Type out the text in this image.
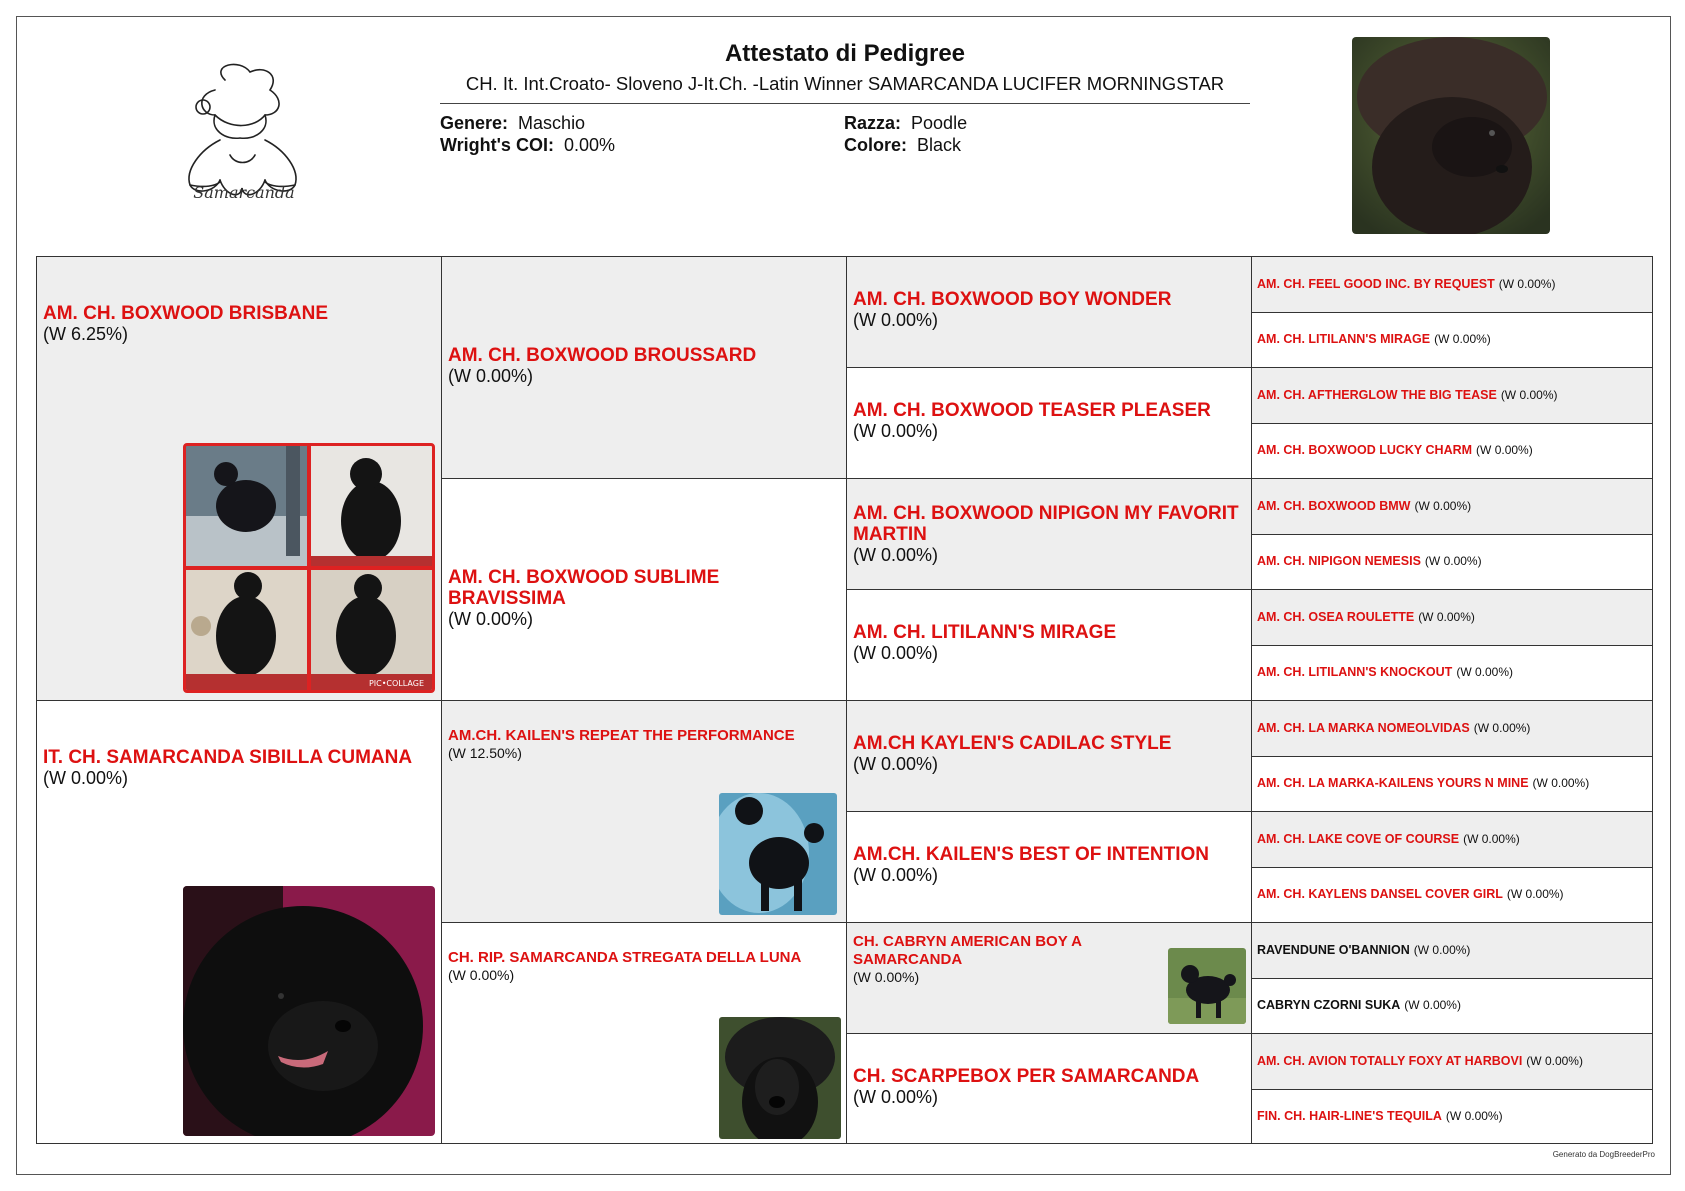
Samarcanda
Attestato di Pedigree
CH. It. Int.Croato- Sloveno J-It.Ch. -Latin Winner SAMARCANDA LUCIFER MORNINGSTAR
Genere: Maschio
Wright's COI: 0.00%
Razza: Poodle
Colore: Black
AM. CH. BOXWOOD BRISBANE
(W 6.25%)
PIC•COLLAGE
IT. CH. SAMARCANDA SIBILLA CUMANA
(W 0.00%)
AM. CH. BOXWOOD BROUSSARD
(W 0.00%)
AM. CH. BOXWOOD SUBLIME BRAVISSIMA
(W 0.00%)
AM.CH. KAILEN'S REPEAT THE PERFORMANCE
(W 12.50%)
CH. RIP. SAMARCANDA STREGATA DELLA LUNA
(W 0.00%)
AM. CH. BOXWOOD BOY WONDER
(W 0.00%)
AM. CH. BOXWOOD TEASER PLEASER
(W 0.00%)
AM. CH. BOXWOOD NIPIGON MY FAVORIT MARTIN
(W 0.00%)
AM. CH. LITILANN'S MIRAGE
(W 0.00%)
AM.CH KAYLEN'S CADILAC STYLE
(W 0.00%)
AM.CH. KAILEN'S BEST OF INTENTION
(W 0.00%)
CH. CABRYN AMERICAN BOY A SAMARCANDA
(W 0.00%)
CH. SCARPEBOX PER SAMARCANDA
(W 0.00%)
AM. CH. FEEL GOOD INC. BY REQUEST (W 0.00%)
AM. CH. LITILANN'S MIRAGE (W 0.00%)
AM. CH. AFTHERGLOW THE BIG TEASE (W 0.00%)
AM. CH. BOXWOOD LUCKY CHARM (W 0.00%)
AM. CH. BOXWOOD BMW (W 0.00%)
AM. CH. NIPIGON NEMESIS (W 0.00%)
AM. CH. OSEA ROULETTE (W 0.00%)
AM. CH. LITILANN'S KNOCKOUT (W 0.00%)
AM. CH. LA MARKA NOMEOLVIDAS (W 0.00%)
AM. CH. LA MARKA-KAILENS YOURS N MINE (W 0.00%)
AM. CH. LAKE COVE OF COURSE (W 0.00%)
AM. CH. KAYLENS DANSEL COVER GIRL (W 0.00%)
RAVENDUNE O'BANNION (W 0.00%)
CABRYN CZORNI SUKA (W 0.00%)
AM. CH. AVION TOTALLY FOXY AT HARBOVI (W 0.00%)
FIN. CH. HAIR-LINE'S TEQUILA (W 0.00%)
Generato da DogBreederPro
